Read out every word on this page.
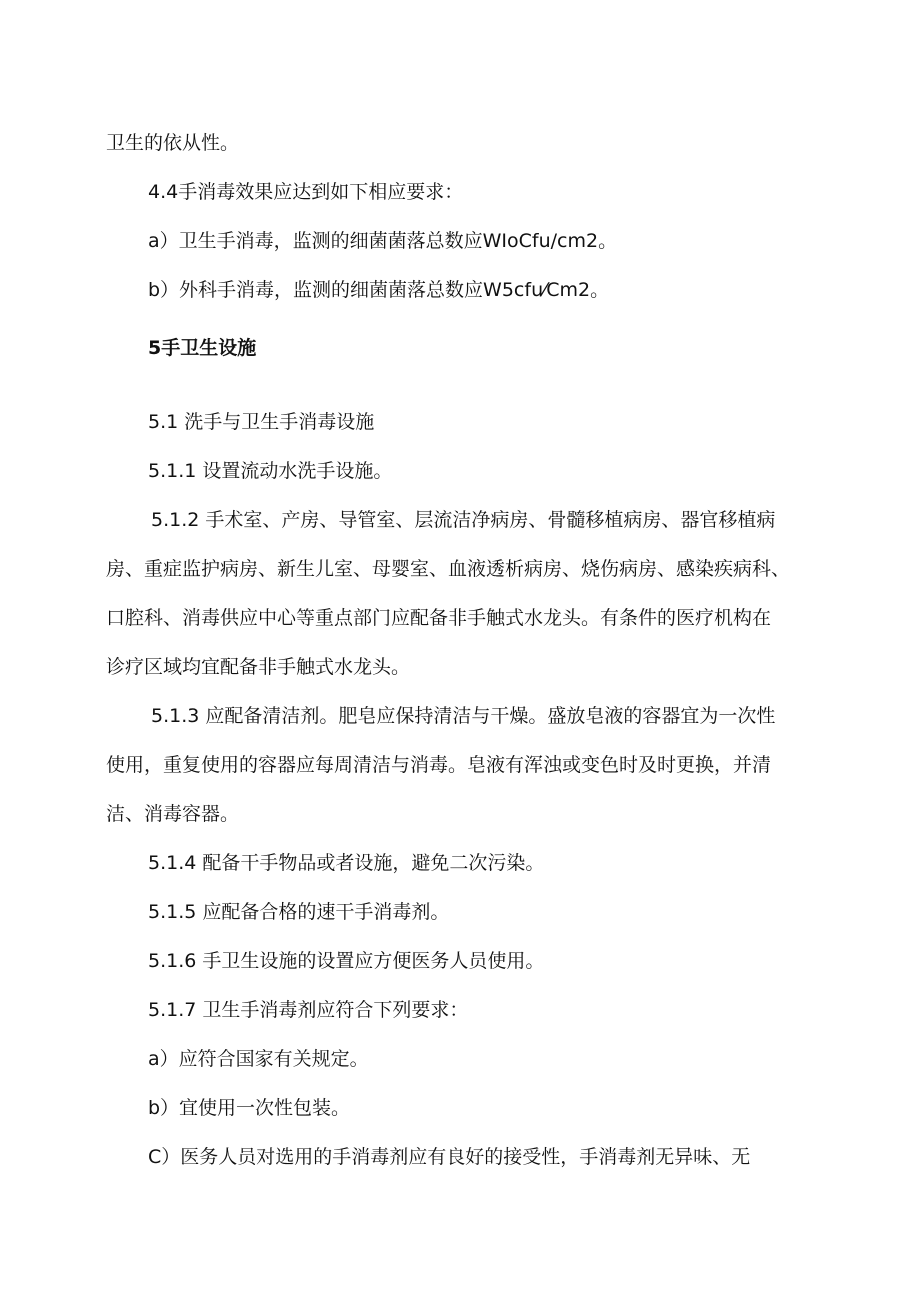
卫生的依从性。
4.4手消毒效果应达到如下相应要求：
a）卫生手消毒，监测的细菌菌落总数应WIoCfu/cm2。
b）外科手消毒，监测的细菌菌落总数应W5cfu⁄Cm2。
5手卫生设施
5.1 洗手与卫生手消毒设施
5.1.1 设置流动水洗手设施。
5.1.2 手术室、产房、导管室、层流洁净病房、骨髓移植病房、器官移植病
房、重症监护病房、新生儿室、母婴室、血液透析病房、烧伤病房、感染疾病科、
口腔科、消毒供应中心等重点部门应配备非手触式水龙头。有条件的医疗机构在
诊疗区域均宜配备非手触式水龙头。
5.1.3 应配备清洁剂。肥皂应保持清洁与干燥。盛放皂液的容器宜为一次性
使用，重复使用的容器应每周清洁与消毒。皂液有浑浊或变色时及时更换，并清
洁、消毒容器。
5.1.4 配备干手物品或者设施，避免二次污染。
5.1.5 应配备合格的速干手消毒剂。
5.1.6 手卫生设施的设置应方便医务人员使用。
5.1.7 卫生手消毒剂应符合下列要求：
a）应符合国家有关规定。
b）宜使用一次性包装。
C）医务人员对选用的手消毒剂应有良好的接受性，手消毒剂无异味、无
